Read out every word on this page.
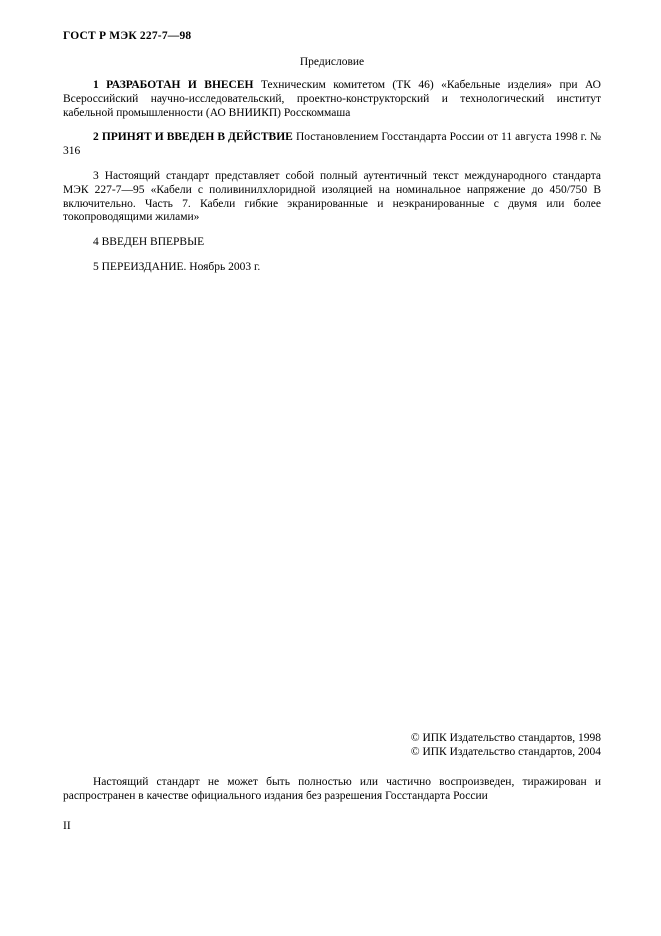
ГОСТ Р МЭК 227-7—98
Предисловие

1 РАЗРАБОТАН И ВНЕСЕН Техническим комитетом (ТК 46) «Кабельные изделия» при АО Всероссийский научно-исследовательский, проектно-конструкторский и технологический институт кабельной промышленности (АО ВНИИКП) Росскоммаша

2 ПРИНЯТ И ВВЕДЕН В ДЕЙСТВИЕ Постановлением Госстандарта России от 11 августа 1998 г. № 316

3 Настоящий стандарт представляет собой полный аутентичный текст международного стандарта МЭК 227-7—95 «Кабели с поливинилхлоридной изоляцией на номинальное напряжение до 450/750 В включительно. Часть 7. Кабели гибкие экранированные и неэкранированные с двумя или более токопроводящими жилами»

4 ВВЕДЕН ВПЕРВЫЕ

5 ПЕРЕИЗДАНИЕ. Ноябрь 2003 г.

© ИПК Издательство стандартов, 1998
© ИПК Издательство стандартов, 2004

Настоящий стандарт не может быть полностью или частично воспроизведен, тиражирован и распространен в качестве официального издания без разрешения Госстандарта России

II
